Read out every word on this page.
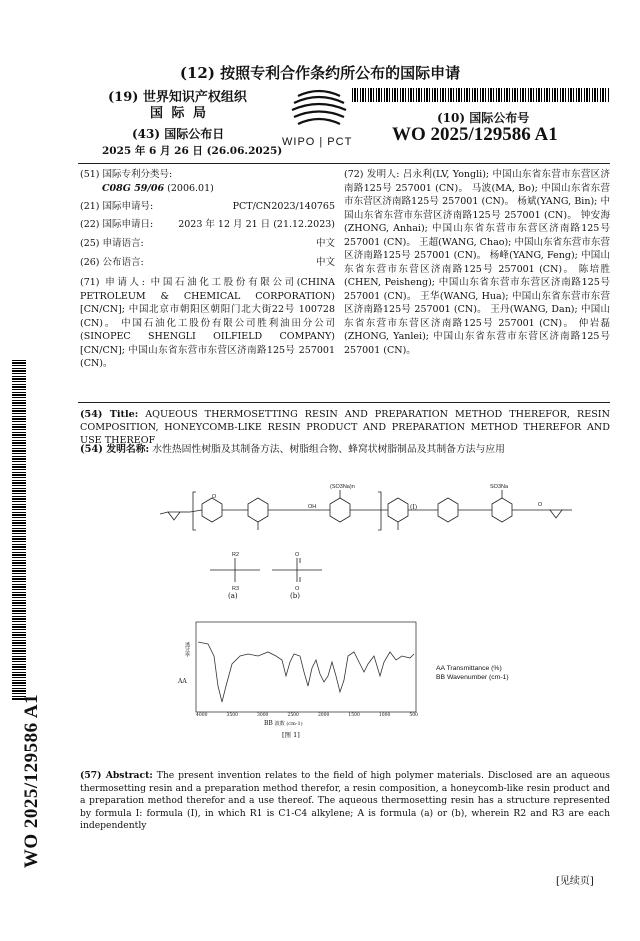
(12) 按照专利合作条约所公布的国际申请
(19) 世界知识产权组织
国 际 局
(43) 国际公布日
2025 年 6 月 26 日 (26.06.2025)
WIPO | PCT
(10) 国际公布号
WO 2025/129586 A1
(51) 国际专利分类号:
C08G 59/06 (2006.01)
(21) 国际申请号:	PCT/CN2023/140765
(22) 国际申请日:	2023 年 12 月 21 日 (21.12.2023)
(25) 申请语言:	中文
(26) 公布语言:	中文
(71) 申请人: 中国石油化工股份有限公司(CHINA PETROLEUM & CHEMICAL CORPORATION) [CN/CN]; 中国北京市朝阳区朝阳门北大街22号 100728 (CN)。 中国石油化工股份有限公司胜利油田分公司(SINOPEC SHENGLI OILFIELD COMPANY) [CN/CN]; 中国山东省东营市东营区济南路125号 257001 (CN)。
(72) 发明人: 吕永利(LV, Yongli); 中国山东省东营市东营区济南路125号 257001 (CN)。 马波(MA, Bo); 中国山东省东营市东营区济南路125号 257001 (CN)。 杨斌(YANG, Bin); 中国山东省东营市东营区济南路125号 257001 (CN)。 钟安海(ZHONG, Anhai); 中国山东省东营市东营区济南路125号 257001 (CN)。 王超(WANG, Chao); 中国山东省东营市东营区济南路125号 257001 (CN)。 杨峰(YANG, Feng); 中国山东省东营市东营区济南路125号 257001 (CN)。 陈培胜(CHEN, Peisheng); 中国山东省东营市东营区济南路125号 257001 (CN)。 王华(WANG, Hua); 中国山东省东营市东营区济南路125号 257001 (CN)。 王丹(WANG, Dan); 中国山东省东营市东营区济南路125号 257001 (CN)。 仲岩磊(ZHONG, Yanlei); 中国山东省东营市东营区济南路125号 257001 (CN)。
WO 2025/129586 A1
(54) Title: AQUEOUS THERMOSETTING RESIN AND PREPARATION METHOD THEREFOR, RESIN COMPOSITION, HONEYCOMB-LIKE RESIN PRODUCT AND PREPARATION METHOD THEREFOR AND USE THEREOF
(54) 发明名称: 水性热固性树脂及其制备方法、树脂组合物、蜂窝状树脂制品及其制备方法与应用
(SO3Na)n	SO3Na
R2
R3
O
O
O
OH	O
(I)
(a)	(b)
AA
透过率
4000	3500	3000	2500	2000	1500	1000	500
BB 波数 (cm-1)
[图 1]
AA Transmittance (%)
BB Wavenumber (cm-1)
(57) Abstract: The present invention relates to the field of high polymer materials. Disclosed are an aqueous thermosetting resin and a preparation method therefor, a resin composition, a honeycomb-like resin product and a preparation method therefor and a use thereof. The aqueous thermosetting resin has a structure represented by formula I: formula (I), in which R1 is C1-C4 alkylene; A is formula (a) or (b), wherein R2 and R3 are each independently
[见续页]
